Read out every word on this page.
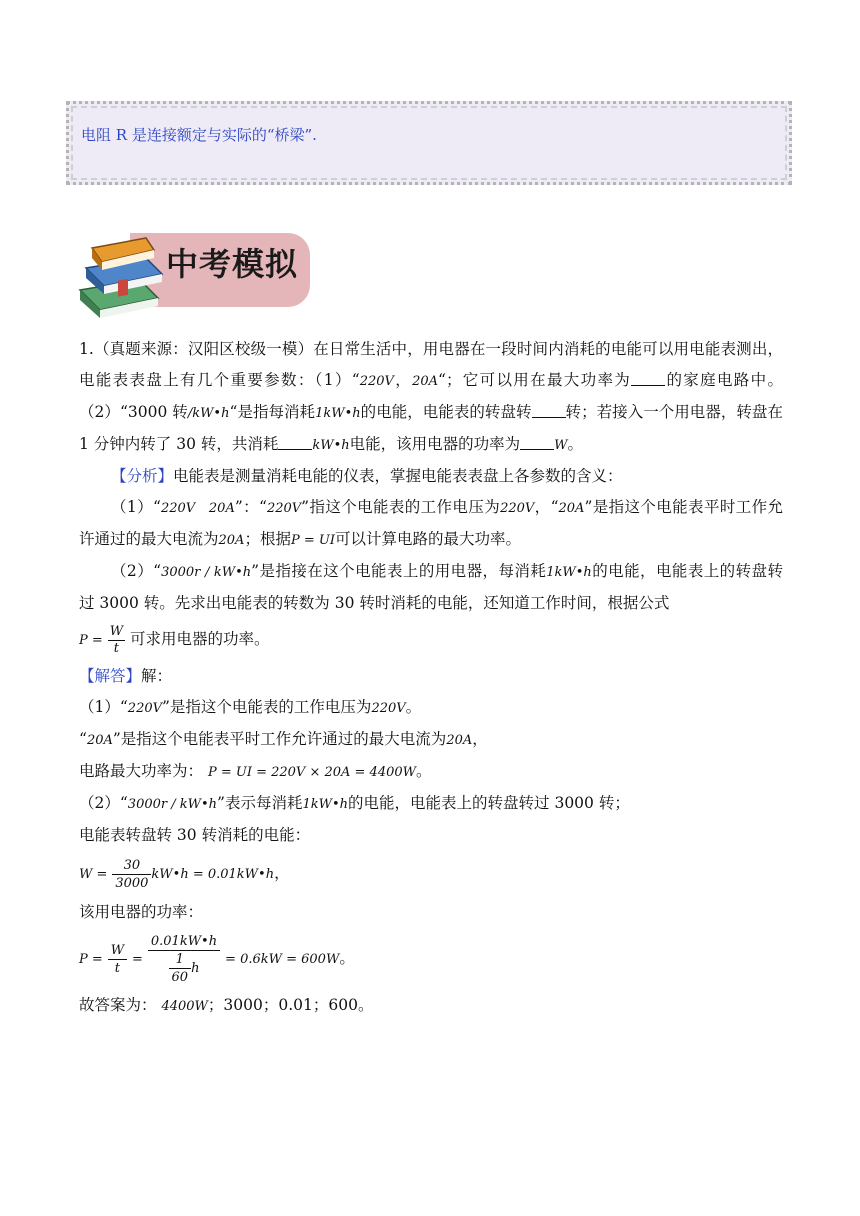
电阻 R 是连接额定与实际的“桥梁”.
中考模拟

1.（真题来源：汉阳区校级一模）在日常生活中，用电器在一段时间内消耗的电能可以用电能表测出，电能表表盘上有几个重要参数：（1）“220V，20A“；它可以用在最大功率为 的家庭电路中。（2）“3000 转/kW•h“是指每消耗1kW•h的电能，电能表的转盘转 转；若接入一个用电器，转盘在 1 分钟内转了 30 转，共消耗	kW•h电能，该用电器的功率为	W。

【分析】电能表是测量消耗电能的仪表，掌握电能表表盘上各参数的含义：

（1）“220V　20A”：“220V”指这个电能表的工作电压为220V，“20A”是指这个电能表平时工作允许通过的最大电流为20A；根据P = UI可以计算电路的最大功率。

（2）“3000r / kW•h”是指接在这个电能表上的用电器，每消耗1kW•h的电能，电能表上的转盘转过 3000 转。先求出电能表的转数为 30 转时消耗的电能，还知道工作时间，根据公式

$P = \frac{W}{t}$ 可求用电器的功率。

【解答】解：

（1）“220V”是指这个电能表的工作电压为220V。

“20A”是指这个电能表平时工作允许通过的最大电流为20A，

电路最大功率为： P = UI = 220V × 20A = 4400W。

（2）“3000r / kW•h”表示每消耗1kW•h的电能，电能表上的转盘转过 3000 转；

电能表转盘转 30 转消耗的电能：

$W = \frac{30}{3000}$ kW•h = 0.01kW•h，

该用电器的功率：

$P = \frac{W}{t} = \frac{0.01kW•h}{\frac{1}{60} h} = 0.6kW = 600W$。

故答案为： 4400W；3000；0.01；600。
